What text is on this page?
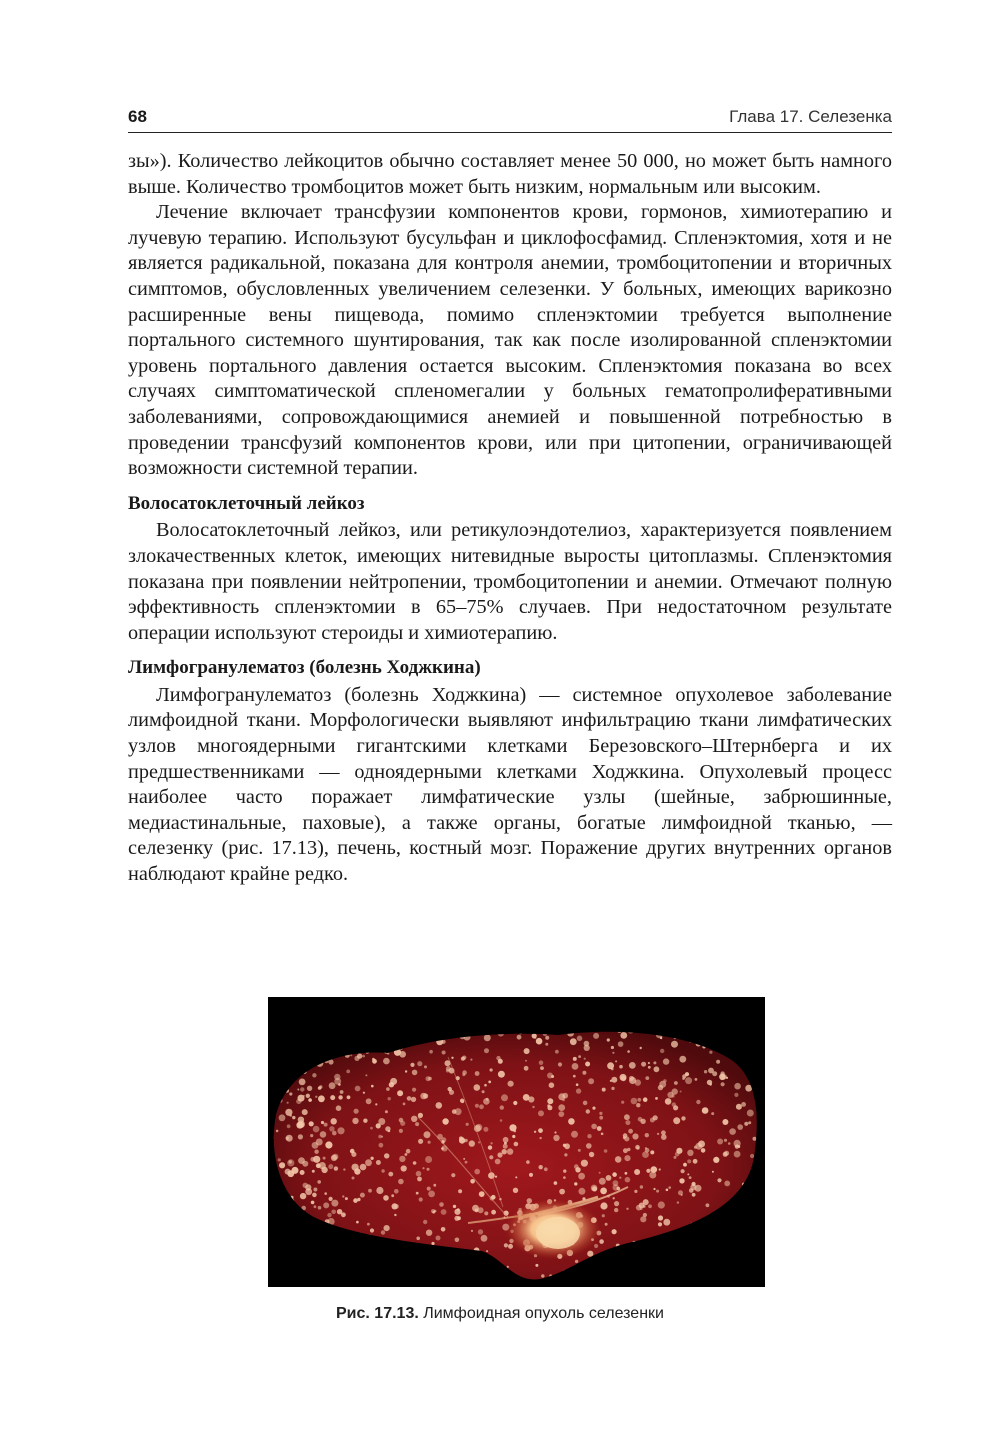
68	Глава 17. Селезенка

зы»). Количество лейкоцитов обычно составляет менее 50 000, но может быть намного выше. Количество тромбоцитов может быть низким, нормальным или высоким.

Лечение включает трансфузии компонентов крови, гормонов, химиотерапию и лучевую терапию. Используют бусульфан и циклофосфамид. Спленэктомия, хотя и не является радикальной, показана для контроля анемии, тромбоцитопении и вторичных симптомов, обусловленных увеличением селезенки. У больных, имеющих варикозно расширенные вены пищевода, помимо спленэктомии требуется выполнение портального системного шунтирования, так как после изолированной спленэктомии уровень портального давления остается высоким. Спленэктомия показана во всех случаях симптоматической спленомегалии у больных гематопролиферативными заболеваниями, сопровождающимися анемией и повышенной потребностью в проведении трансфузий компонентов крови, или при цитопении, ограничивающей возможности системной терапии.

Волосатоклеточный лейкоз

Волосатоклеточный лейкоз, или ретикулоэндотелиоз, характеризуется появлением злокачественных клеток, имеющих нитевидные выросты цитоплазмы. Спленэктомия показана при появлении нейтропении, тромбоцитопении и анемии. Отмечают полную эффективность спленэктомии в 65–75% случаев. При недостаточном результате операции используют стероиды и химиотерапию.

Лимфогранулематоз (болезнь Ходжкина)

Лимфогранулематоз (болезнь Ходжкина) — системное опухолевое заболевание лимфоидной ткани. Морфологически выявляют инфильтрацию ткани лимфатических узлов многоядерными гигантскими клетками Березовского–Штернберга и их предшественниками — одноядерными клетками Ходжкина. Опухолевый процесс наиболее часто поражает лимфатические узлы (шейные, забрюшинные, медиастинальные, паховые), а также органы, богатые лимфоидной тканью, — селезенку (рис. 17.13), печень, костный мозг. Поражение других внутренних органов наблюдают крайне редко.

Рис. 17.13. Лимфоидная опухоль селезенки
